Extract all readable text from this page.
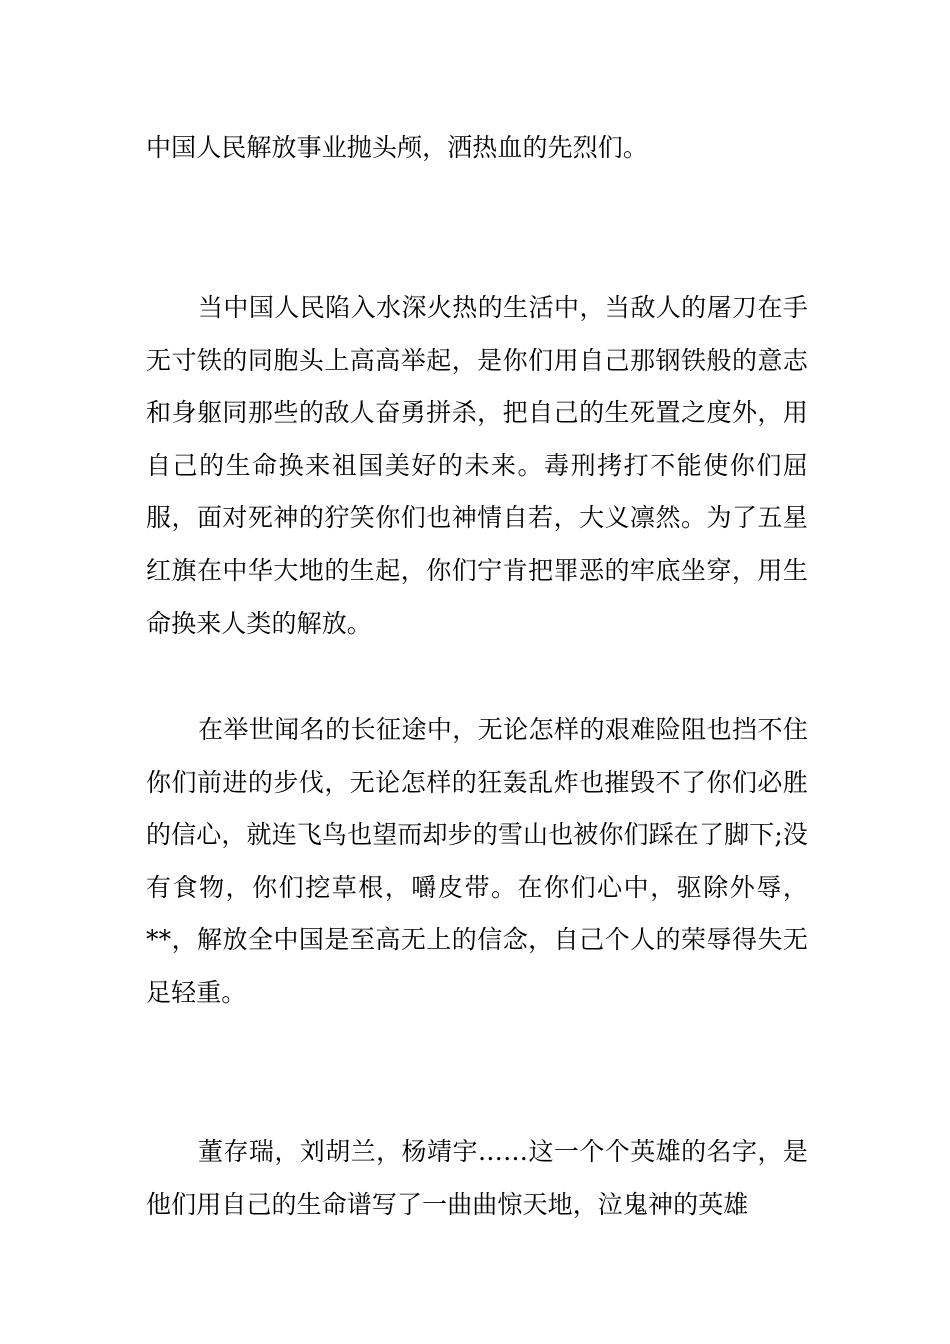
中国人民解放事业抛头颅，洒热血的先烈们。

当中国人民陷入水深火热的生活中，当敌人的屠刀在手无寸铁的同胞头上高高举起，是你们用自己那钢铁般的意志和身躯同那些的敌人奋勇拼杀，把自己的生死置之度外，用自己的生命换来祖国美好的未来。毒刑拷打不能使你们屈服，面对死神的狞笑你们也神情自若，大义凛然。为了五星红旗在中华大地的生起，你们宁肯把罪恶的牢底坐穿，用生命换来人类的解放。

在举世闻名的长征途中，无论怎样的艰难险阻也挡不住你们前进的步伐，无论怎样的狂轰乱炸也摧毁不了你们必胜的信心，就连飞鸟也望而却步的雪山也被你们踩在了脚下;没有食物，你们挖草根，嚼皮带。在你们心中，驱除外辱，**，解放全中国是至高无上的信念，自己个人的荣辱得失无足轻重。

董存瑞，刘胡兰，杨靖宇……这一个个英雄的名字，是他们用自己的生命谱写了一曲曲惊天地，泣鬼神的英雄
